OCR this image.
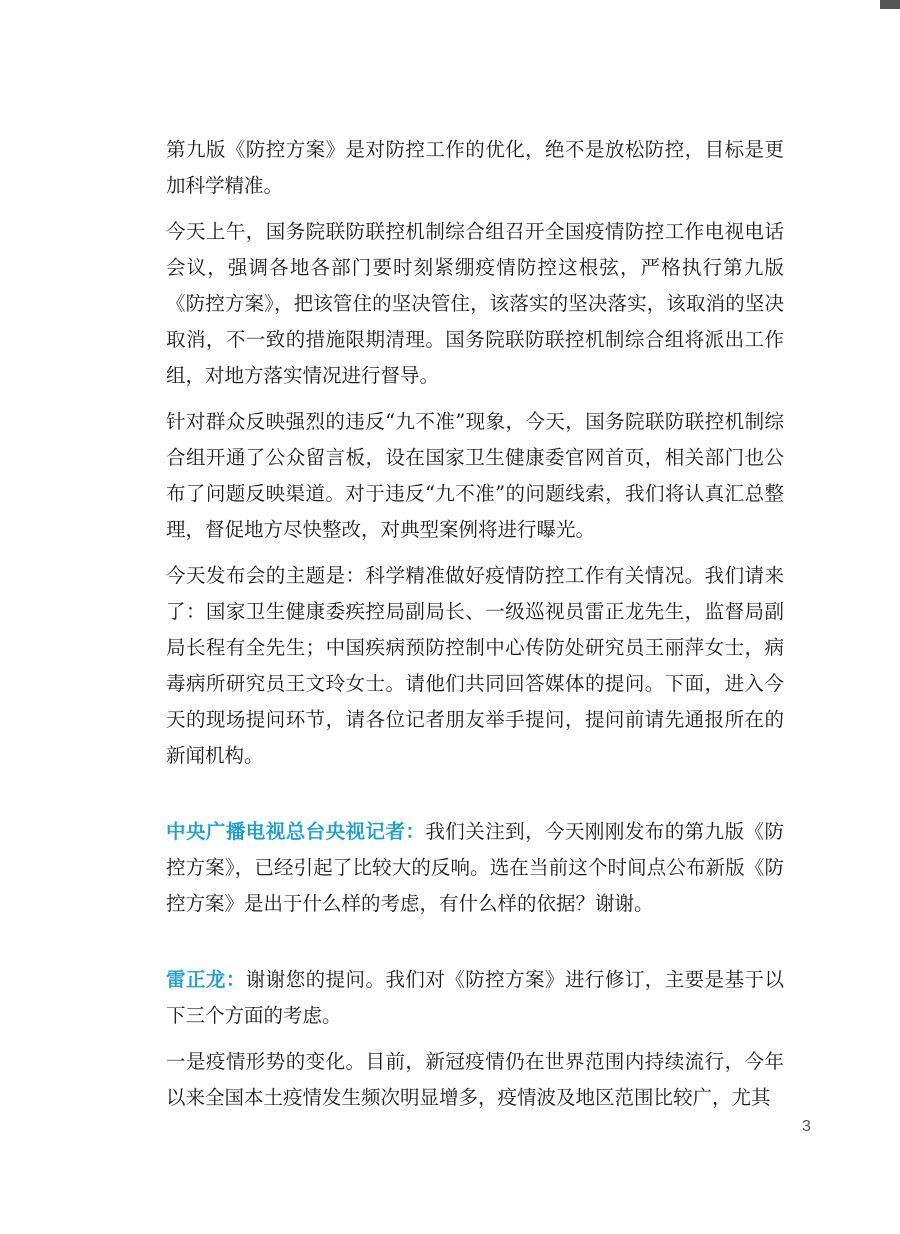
第九版《防控方案》是对防控工作的优化，绝不是放松防控，目标是更加科学精准。

今天上午，国务院联防联控机制综合组召开全国疫情防控工作电视电话会议，强调各地各部门要时刻紧绷疫情防控这根弦，严格执行第九版《防控方案》，把该管住的坚决管住，该落实的坚决落实，该取消的坚决取消，不一致的措施限期清理。国务院联防联控机制综合组将派出工作组，对地方落实情况进行督导。

针对群众反映强烈的违反“九不准”现象，今天，国务院联防联控机制综合组开通了公众留言板，设在国家卫生健康委官网首页，相关部门也公布了问题反映渠道。对于违反“九不准”的问题线索，我们将认真汇总整理，督促地方尽快整改，对典型案例将进行曝光。

今天发布会的主题是：科学精准做好疫情防控工作有关情况。我们请来了：国家卫生健康委疾控局副局长、一级巡视员雷正龙先生，监督局副局长程有全先生；中国疾病预防控制中心传防处研究员王丽萍女士，病毒病所研究员王文玲女士。请他们共同回答媒体的提问。下面，进入今天的现场提问环节，请各位记者朋友举手提问，提问前请先通报所在的新闻机构。

中央广播电视总台央视记者：我们关注到，今天刚刚发布的第九版《防控方案》，已经引起了比较大的反响。选在当前这个时间点公布新版《防控方案》是出于什么样的考虑，有什么样的依据？谢谢。

雷正龙：谢谢您的提问。我们对《防控方案》进行修订，主要是基于以下三个方面的考虑。

一是疫情形势的变化。目前，新冠疫情仍在世界范围内持续流行，今年以来全国本土疫情发生频次明显增多，疫情波及地区范围比较广，尤其

3
